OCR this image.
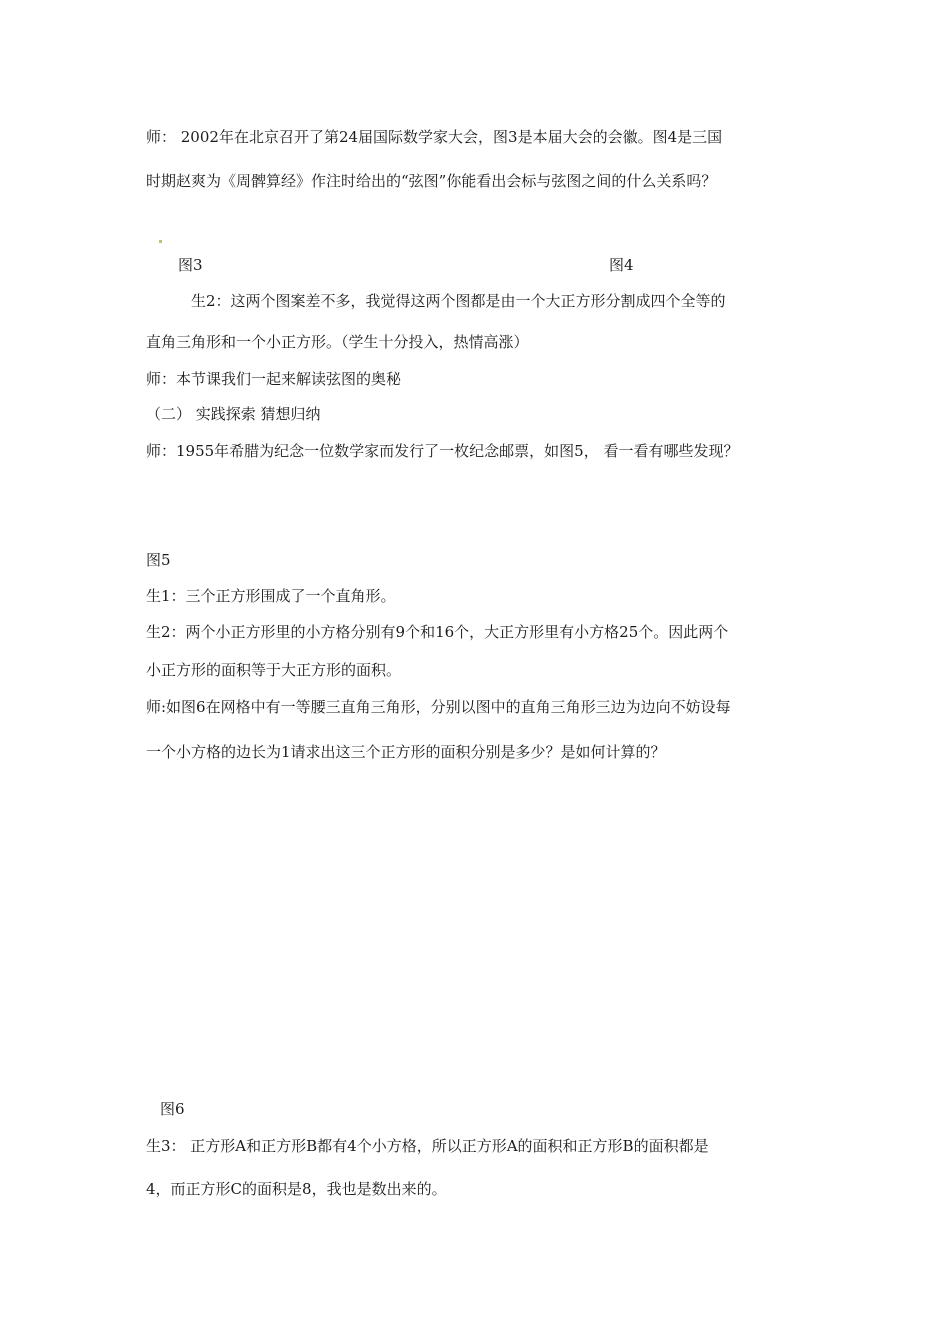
师： 2002年在北京召开了第24届国际数学家大会，图3是本届大会的会徽。图4是三国
时期赵爽为《周髀算经》作注时给出的“弦图”你能看出会标与弦图之间的什么关系吗？
图3	图4
生2：这两个图案差不多，我觉得这两个图都是由一个大正方形分割成四个全等的
直角三角形和一个小正方形。（学生十分投入，热情高涨）
师：本节课我们一起来解读弦图的奥秘
（二） 实践探索 猜想归纳
师：1955年希腊为纪念一位数学家而发行了一枚纪念邮票，如图5， 看一看有哪些发现？
图5
生1：三个正方形围成了一个直角形。
生2：两个小正方形里的小方格分别有9个和16个，大正方形里有小方格25个。因此两个
小正方形的面积等于大正方形的面积。
师:如图6在网格中有一等腰三直角三角形，分别以图中的直角三角形三边为边向不妨设每
一个小方格的边长为1请求出这三个正方形的面积分别是多少？是如何计算的？
图6
生3： 正方形A和正方形B都有4个小方格，所以正方形A的面积和正方形B的面积都是
4，而正方形C的面积是8，我也是数出来的。
